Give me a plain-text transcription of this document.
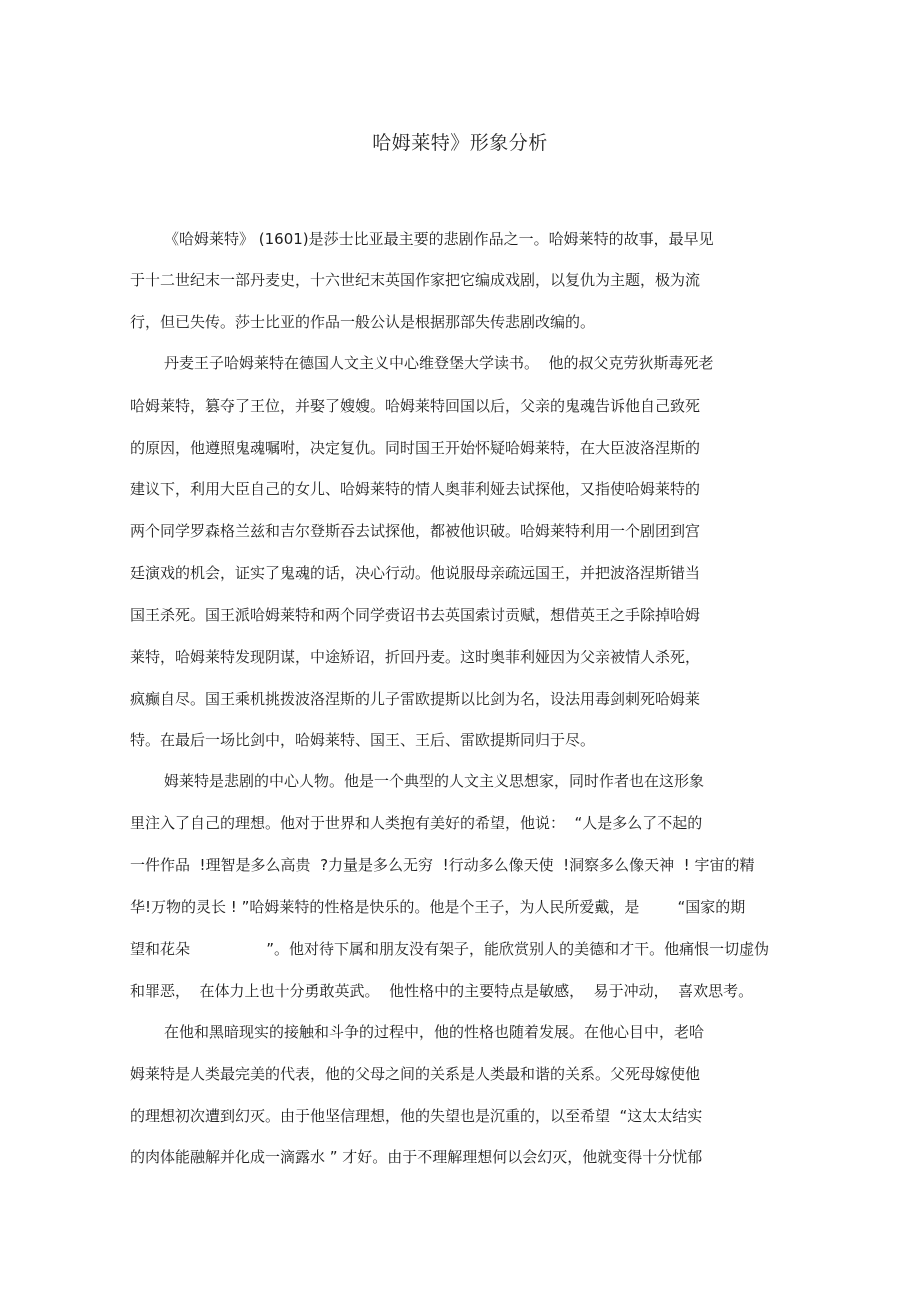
哈姆莱特》形象分析
《哈姆莱特》 (1601)是莎士比亚最主要的悲剧作品之一。哈姆莱特的故事，最早见
于十二世纪末一部丹麦史，十六世纪末英国作家把它编成戏剧，以复仇为主题，极为流
行，但已失传。莎士比亚的作品一般公认是根据那部失传悲剧改编的。
丹麦王子哈姆莱特在德国人文主义中心维登堡大学读书。  他的叔父克劳狄斯毒死老
哈姆莱特，篡夺了王位，并娶了嫂嫂。哈姆莱特回国以后，父亲的鬼魂告诉他自己致死
的原因，他遵照鬼魂嘱咐，决定复仇。同时国王开始怀疑哈姆莱特，在大臣波洛涅斯的
建议下，利用大臣自己的女儿、哈姆莱特的情人奥菲利娅去试探他，又指使哈姆莱特的
两个同学罗森格兰兹和吉尔登斯吞去试探他，都被他识破。哈姆莱特利用一个剧团到宫
廷演戏的机会，证实了鬼魂的话，决心行动。他说服母亲疏远国王，并把波洛涅斯错当
国王杀死。国王派哈姆莱特和两个同学赍诏书去英国索讨贡赋，想借英王之手除掉哈姆
莱特，哈姆莱特发现阴谋，中途矫诏，折回丹麦。这时奥菲利娅因为父亲被情人杀死，
疯癫自尽。国王乘机挑拨波洛涅斯的儿子雷欧提斯以比剑为名，设法用毒剑刺死哈姆莱
特。在最后一场比剑中，哈姆莱特、国王、王后、雷欧提斯同归于尽。
姆莱特是悲剧的中心人物。他是一个典型的人文主义思想家，同时作者也在这形象
里注入了自己的理想。他对于世界和人类抱有美好的希望，他说：  “人是多么了不起的
一件作品  !理智是多么高贵  ?力量是多么无穷  !行动多么像天使  !洞察多么像天神  ! 宇宙的精
华!万物的灵长 ! ”哈姆莱特的性格是快乐的。他是个王子，为人民所爱戴，是        “国家的期
望和花朵                ”。他对待下属和朋友没有架子，能欣赏别人的美德和才干。他痛恨一切虚伪
和罪恶，  在体力上也十分勇敢英武。  他性格中的主要特点是敏感，  易于冲动，  喜欢思考。
在他和黑暗现实的接触和斗争的过程中，他的性格也随着发展。在他心目中，老哈
姆莱特是人类最完美的代表，他的父母之间的关系是人类最和谐的关系。父死母嫁使他
的理想初次遭到幻灭。由于他坚信理想，他的失望也是沉重的，以至希望  “这太太结实
的肉体能融解并化成一滴露水 ” 才好。由于不理解理想何以会幻灭，他就变得十分忧郁
